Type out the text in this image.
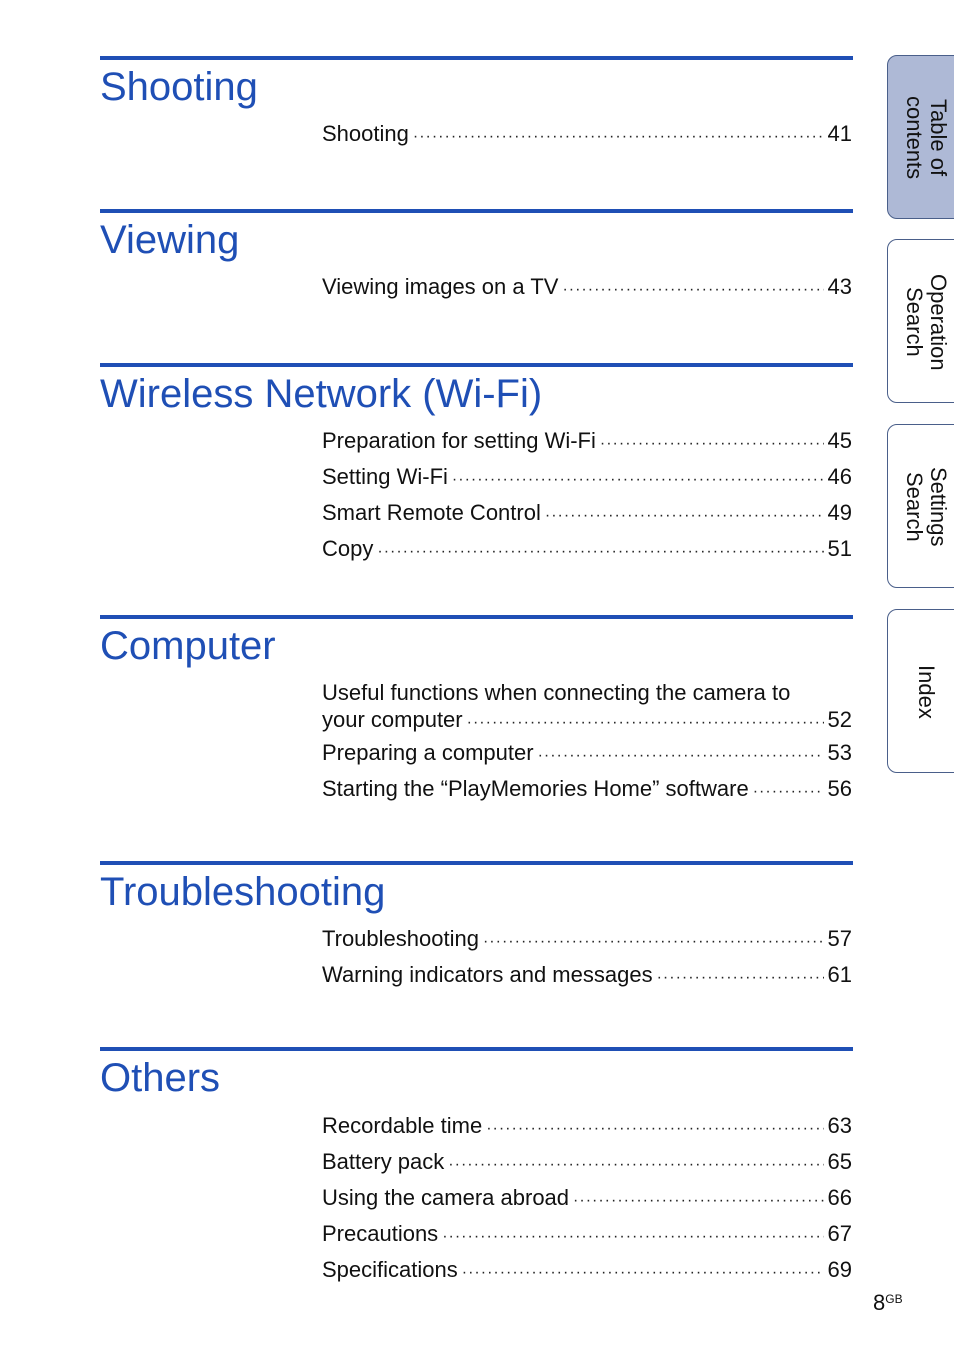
Shooting
Shooting ·····	41
Viewing
Viewing images on a TV ·····	43
Wireless Network (Wi-Fi)
Preparation for setting Wi-Fi ·····	45
Setting Wi-Fi ·····	46
Smart Remote Control ·····	49
Copy ·····	51
Computer
Useful functions when connecting the camera to
your computer ·····	52
Preparing a computer ·····	53
Starting the “PlayMemories Home” software ·····	56
Troubleshooting
Troubleshooting ·····	57
Warning indicators and messages ·····	61
Others
Recordable time ·····	63
Battery pack ·····	65
Using the camera abroad ·····	66
Precautions ·····	67
Specifications ·····	69
Table of
contents
Operation
Search
Settings
Search
Index
$8^{GB}$
